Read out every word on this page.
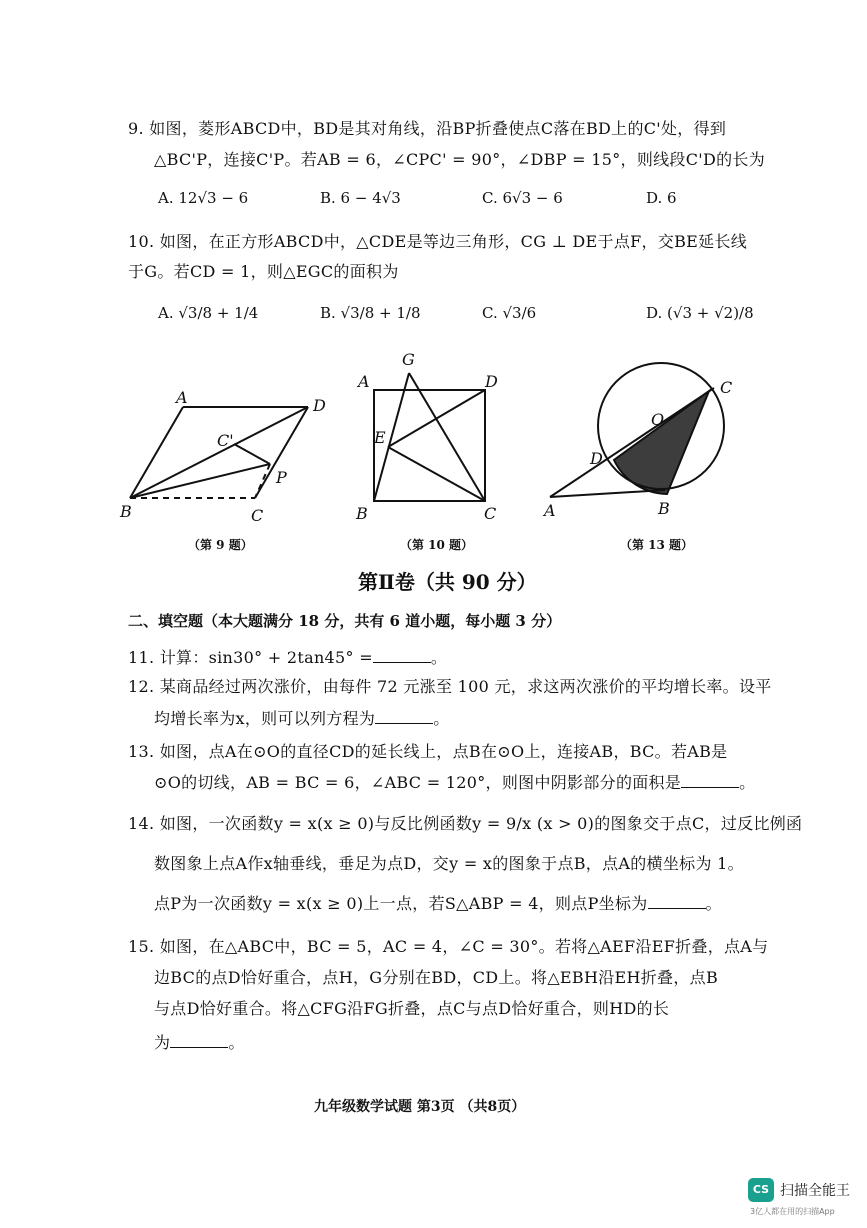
9. 如图，菱形ABCD中，BD是其对角线，沿BP折叠使点C落在BD上的C'处，得到
△BC'P，连接C'P。若AB = 6，∠CPC' = 90°，∠DBP = 15°，则线段C'D的长为
A. 12√3 − 6	B. 6 − 4√3	C. 6√3 − 6	D. 6
10. 如图，在正方形ABCD中，△CDE是等边三角形，CG ⊥ DE于点F，交BE延长线
于G。若CD = 1，则△EGC的面积为
A. √3/8 + 1/4	B. √3/8 + 1/8	C. √3/6	D. (√3 + √2)/8
A	D
C'
P
B	C
（第 9 题）
G
A	D
E
B	C
（第 10 题）
C
O
D
A	B
（第 13 题）
第Ⅱ卷（共 90 分）
二、填空题（本大题满分 18 分，共有 6 道小题，每小题 3 分）
11. 计算：sin30° + 2tan45° =	。
12. 某商品经过两次涨价，由每件 72 元涨至 100 元，求这两次涨价的平均增长率。设平
均增长率为x，则可以列方程为	。
13. 如图，点A在⊙O的直径CD的延长线上，点B在⊙O上，连接AB，BC。若AB是
⊙O的切线，AB = BC = 6，∠ABC = 120°，则图中阴影部分的面积是	。
14. 如图，一次函数y = x(x ≥ 0)与反比例函数y = 9/x (x > 0)的图象交于点C，过反比例函
数图象上点A作x轴垂线，垂足为点D，交y = x的图象于点B，点A的横坐标为 1。
点P为一次函数y = x(x ≥ 0)上一点，若S△ABP = 4，则点P坐标为	。
15. 如图，在△ABC中，BC = 5，AC = 4，∠C = 30°。若将△AEF沿EF折叠，点A与
边BC的点D恰好重合，点H，G分别在BD，CD上。将△EBH沿EH折叠，点B
与点D恰好重合。将△CFG沿FG折叠，点C与点D恰好重合，则HD的长
为	。
九年级数学试题 第3页 （共8页）
CS 扫描全能王
3亿人都在用的扫描App
